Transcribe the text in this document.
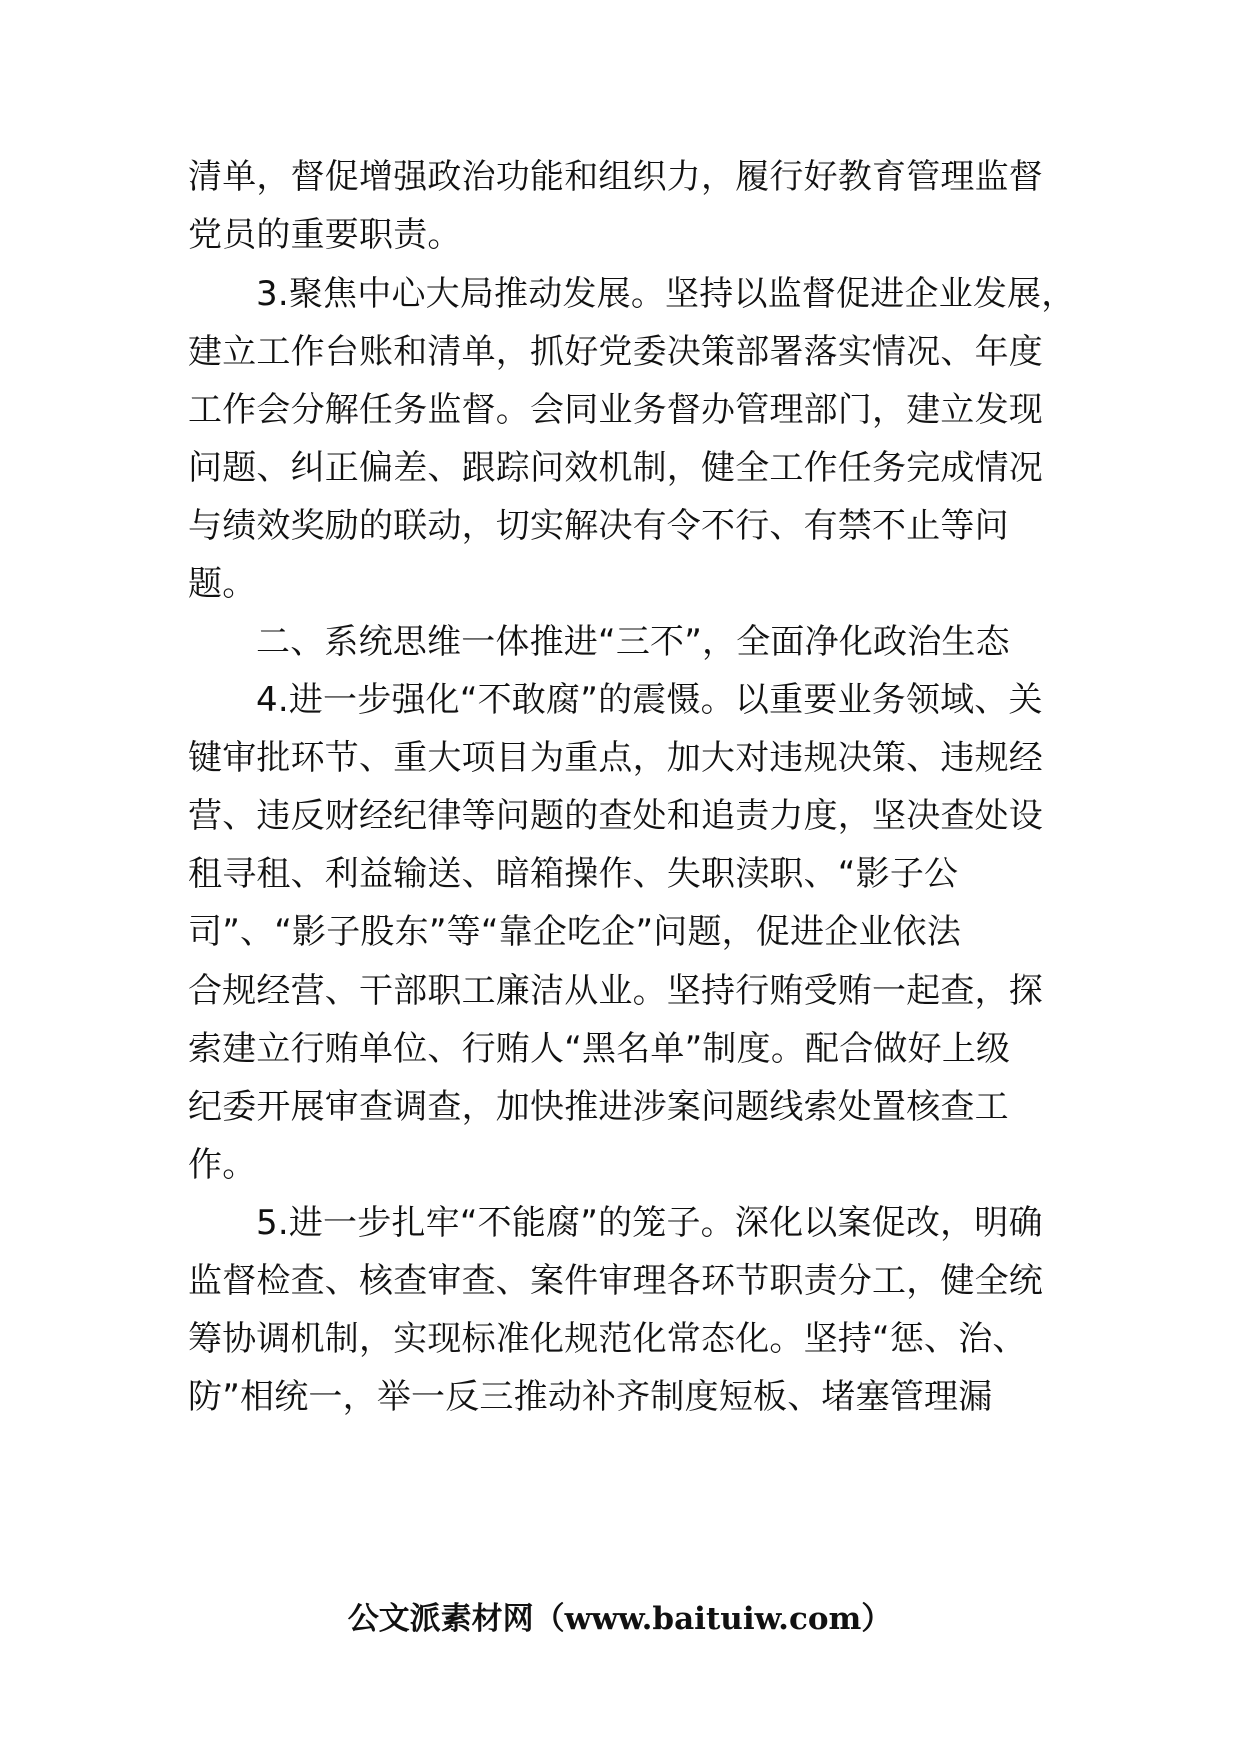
清单，督促增强政治功能和组织力，履行好教育管理监督
党员的重要职责。
3.聚焦中心大局推动发展。坚持以监督促进企业发展，
建立工作台账和清单，抓好党委决策部署落实情况、年度
工作会分解任务监督。会同业务督办管理部门，建立发现
问题、纠正偏差、跟踪问效机制，健全工作任务完成情况
与绩效奖励的联动，切实解决有令不行、有禁不止等问
题。
二、系统思维一体推进“三不”，全面净化政治生态
4.进一步强化“不敢腐”的震慑。以重要业务领域、关
键审批环节、重大项目为重点，加大对违规决策、违规经
营、违反财经纪律等问题的查处和追责力度，坚决查处设
租寻租、利益输送、暗箱操作、失职渎职、“影子公
司”、“影子股东”等“靠企吃企”问题，促进企业依法
合规经营、干部职工廉洁从业。坚持行贿受贿一起查，探
索建立行贿单位、行贿人“黑名单”制度。配合做好上级
纪委开展审查调查，加快推进涉案问题线索处置核查工
作。
5.进一步扎牢“不能腐”的笼子。深化以案促改，明确
监督检查、核查审查、案件审理各环节职责分工，健全统
筹协调机制，实现标准化规范化常态化。坚持“惩、治、
防”相统一，举一反三推动补齐制度短板、堵塞管理漏
公文派素材网（www.baituiw.com）
